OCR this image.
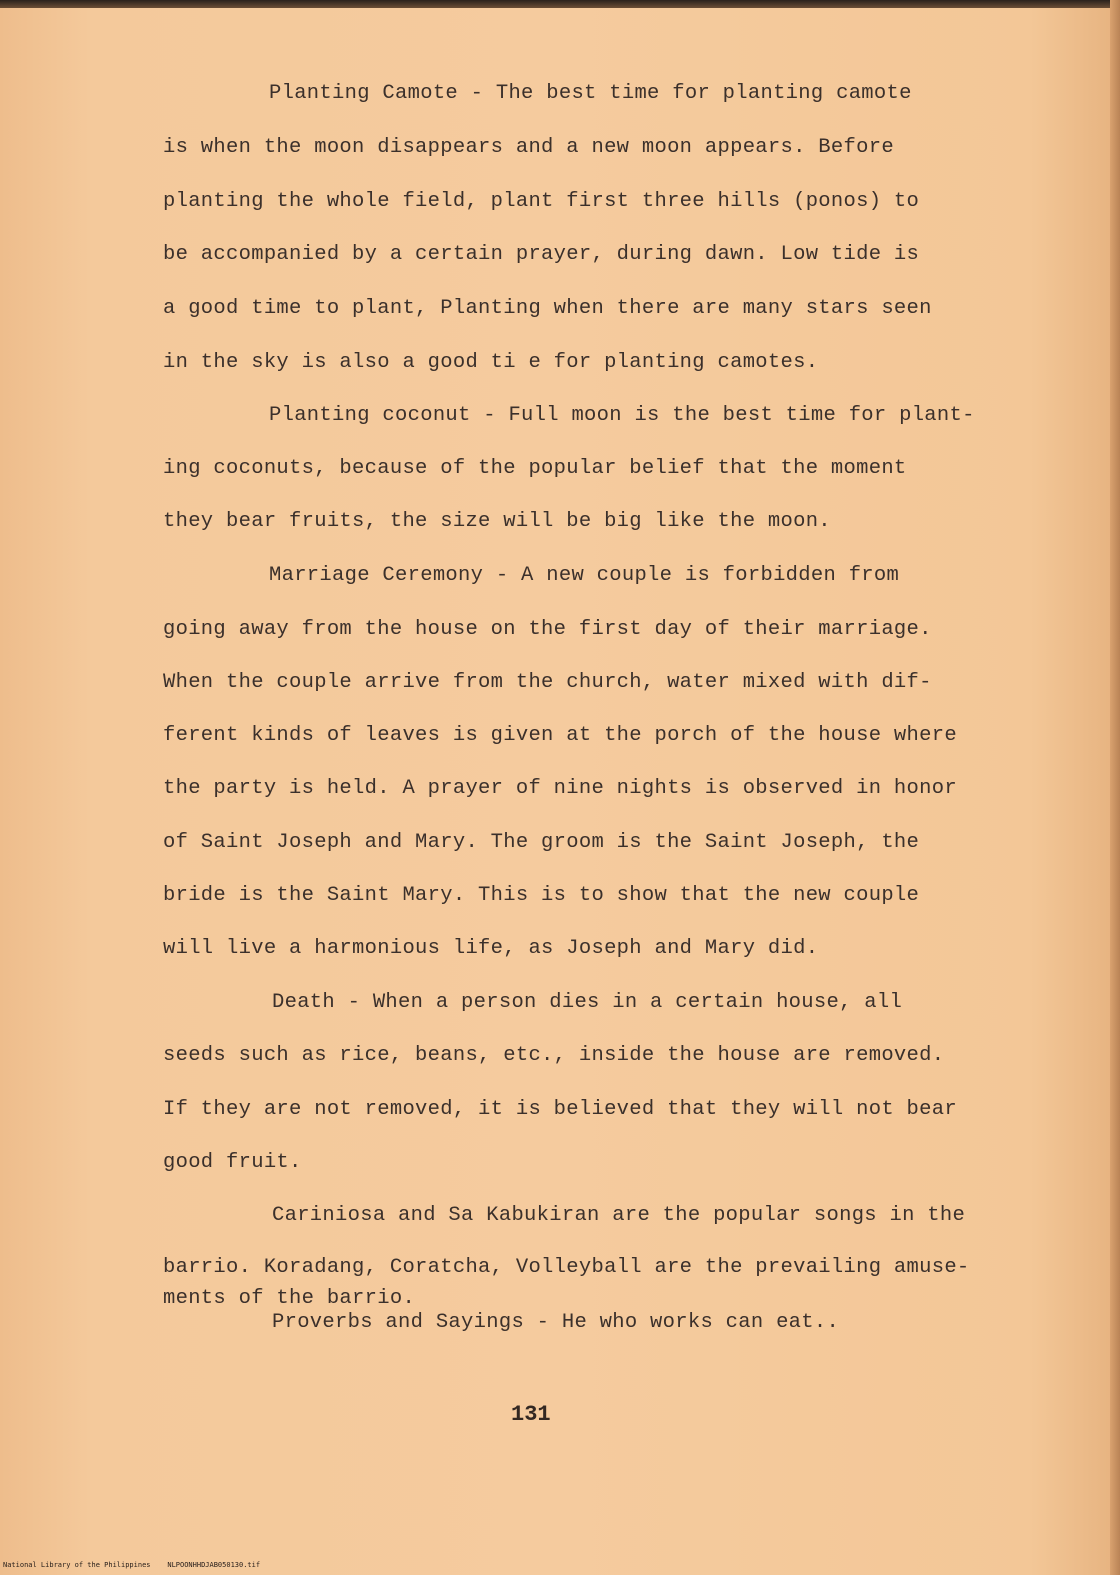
Planting Camote - The best time for planting camote
is when the moon disappears and a new moon appears. Before
planting the whole field, plant first three hills (ponos) to
be accompanied by a certain prayer, during dawn. Low tide is
a good time to plant, Planting when there are many stars seen
in the sky is also a good ti e for planting camotes.
Planting coconut - Full moon is the best time for plant-
ing coconuts, because of the popular belief that the moment
they bear fruits, the size will be big like the moon.
Marriage Ceremony - A new couple is forbidden from
going away from the house on the first day of their marriage.
When the couple arrive from the church, water mixed with dif-
ferent kinds of leaves is given at the porch of the house where
the party is held. A prayer of nine nights is observed in honor
of Saint Joseph and Mary. The groom is the Saint Joseph, the
bride is the Saint Mary. This is to show that the new couple
will live a harmonious life, as Joseph and Mary did.
Death - When a person dies in a certain house, all
seeds such as rice, beans, etc., inside the house are removed.
If they are not removed, it is believed that they will not bear
good fruit.
Cariniosa and Sa Kabukiran are the popular songs in the
barrio. Koradang, Coratcha, Volleyball are the prevailing amuse-
ments of the barrio.
Proverbs and Sayings - He who works can eat..
131
National Library of the Philippines    NLPOONHHDJAB050130.tif
